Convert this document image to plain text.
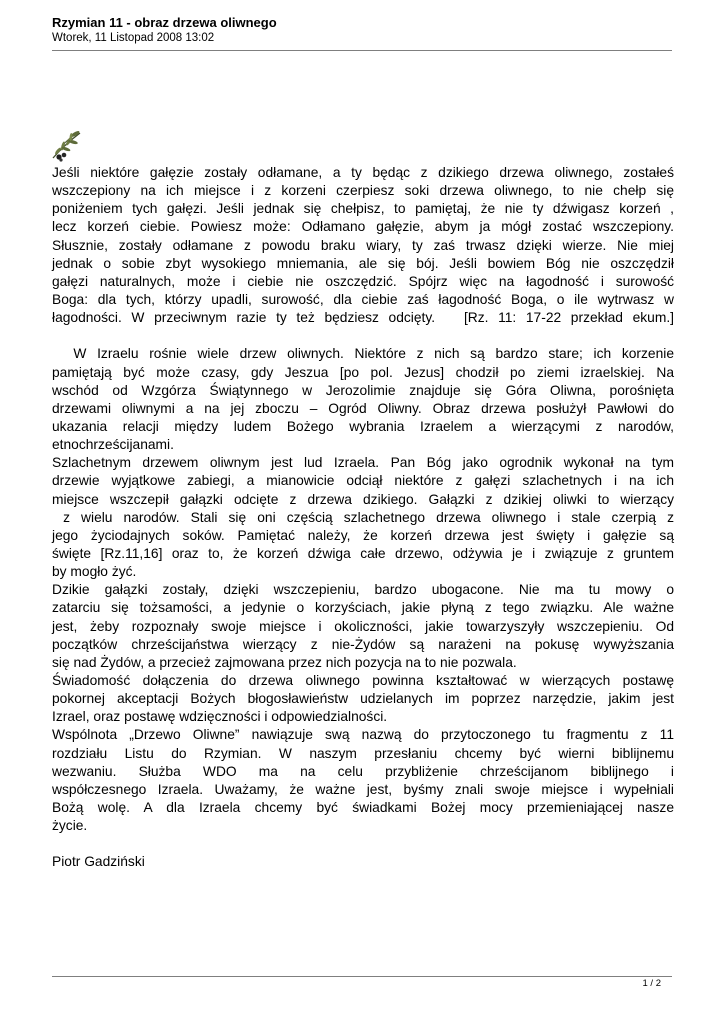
Rzymian 11 - obraz drzewa oliwnego
Wtorek, 11 Listopad 2008 13:02
Jeśli niektóre gałęzie zostały odłamane, a ty będąc z dzikiego drzewa oliwnego, zostałeś
wszczepiony na ich miejsce i z korzeni czerpiesz soki drzewa oliwnego, to nie chełp się
poniżeniem tych gałęzi. Jeśli jednak się chełpisz, to pamiętaj, że nie ty dźwigasz korzeń ,
lecz korzeń ciebie. Powiesz może: Odłamano gałęzie, abym ja mógł zostać wszczepiony.
Słusznie, zostały odłamane z powodu braku wiary, ty zaś trwasz dzięki wierze. Nie miej
jednak o sobie zbyt wysokiego mniemania, ale się bój. Jeśli bowiem Bóg nie oszczędził
gałęzi naturalnych, może i ciebie nie oszczędzić. Spójrz więc na łagodność i surowość
Boga: dla tych, którzy upadli, surowość, dla ciebie zaś łagodność Boga, o ile wytrwasz w
łagodności. W przeciwnym razie ty też będziesz odcięty.   [Rz. 11: 17-22 przekład ekum.]
W Izraelu rośnie wiele drzew oliwnych. Niektóre z nich są bardzo stare; ich korzenie
pamiętają być może czasy, gdy Jeszua [po pol. Jezus] chodził po ziemi izraelskiej. Na
wschód od Wzgórza Świątynnego w Jerozolimie znajduje się Góra Oliwna, porośnięta
drzewami oliwnymi a na jej zboczu – Ogród Oliwny. Obraz drzewa posłużył Pawłowi do
ukazania relacji między ludem Bożego wybrania Izraelem a wierzącymi z narodów,
etnochrześcijanami.
Szlachetnym drzewem oliwnym jest lud Izraela. Pan Bóg jako ogrodnik wykonał na tym
drzewie wyjątkowe zabiegi, a mianowicie odciął niektóre z gałęzi szlachetnych i na ich
miejsce wszczepił gałązki odcięte z drzewa dzikiego. Gałązki z dzikiej oliwki to wierzący
z wielu narodów. Stali się oni częścią szlachetnego drzewa oliwnego i stale czerpią z
jego życiodajnych soków. Pamiętać należy, że korzeń drzewa jest święty i gałęzie są
święte [Rz.11,16] oraz to, że korzeń dźwiga całe drzewo, odżywia je i związuje z gruntem
by mogło żyć.
Dzikie gałązki zostały, dzięki wszczepieniu, bardzo ubogacone. Nie ma tu mowy o
zatarciu się tożsamości, a jedynie o korzyściach, jakie płyną z tego związku. Ale ważne
jest, żeby rozpoznały swoje miejsce i okoliczności, jakie towarzyszyły wszczepieniu. Od
początków chrześcijaństwa wierzący z nie-Żydów są narażeni na pokusę wywyższania
się nad Żydów, a przecież zajmowana przez nich pozycja na to nie pozwala.
Świadomość dołączenia do drzewa oliwnego powinna kształtować w wierzących postawę
pokornej akceptacji Bożych błogosławieństw udzielanych im poprzez narzędzie, jakim jest
Izrael, oraz postawę wdzięczności i odpowiedzialności.
Wspólnota „Drzewo Oliwne” nawiązuje swą nazwą do przytoczonego tu fragmentu z 11
rozdziału Listu do Rzymian. W naszym przesłaniu chcemy być wierni biblijnemu
wezwaniu. Służba WDO ma na celu przybliżenie chrześcijanom biblijnego i
współczesnego Izraela. Uważamy, że ważne jest, byśmy znali swoje miejsce i wypełniali
Bożą wolę. A dla Izraela chcemy być świadkami Bożej mocy przemieniającej nasze
życie.
Piotr Gadziński
1 / 2
